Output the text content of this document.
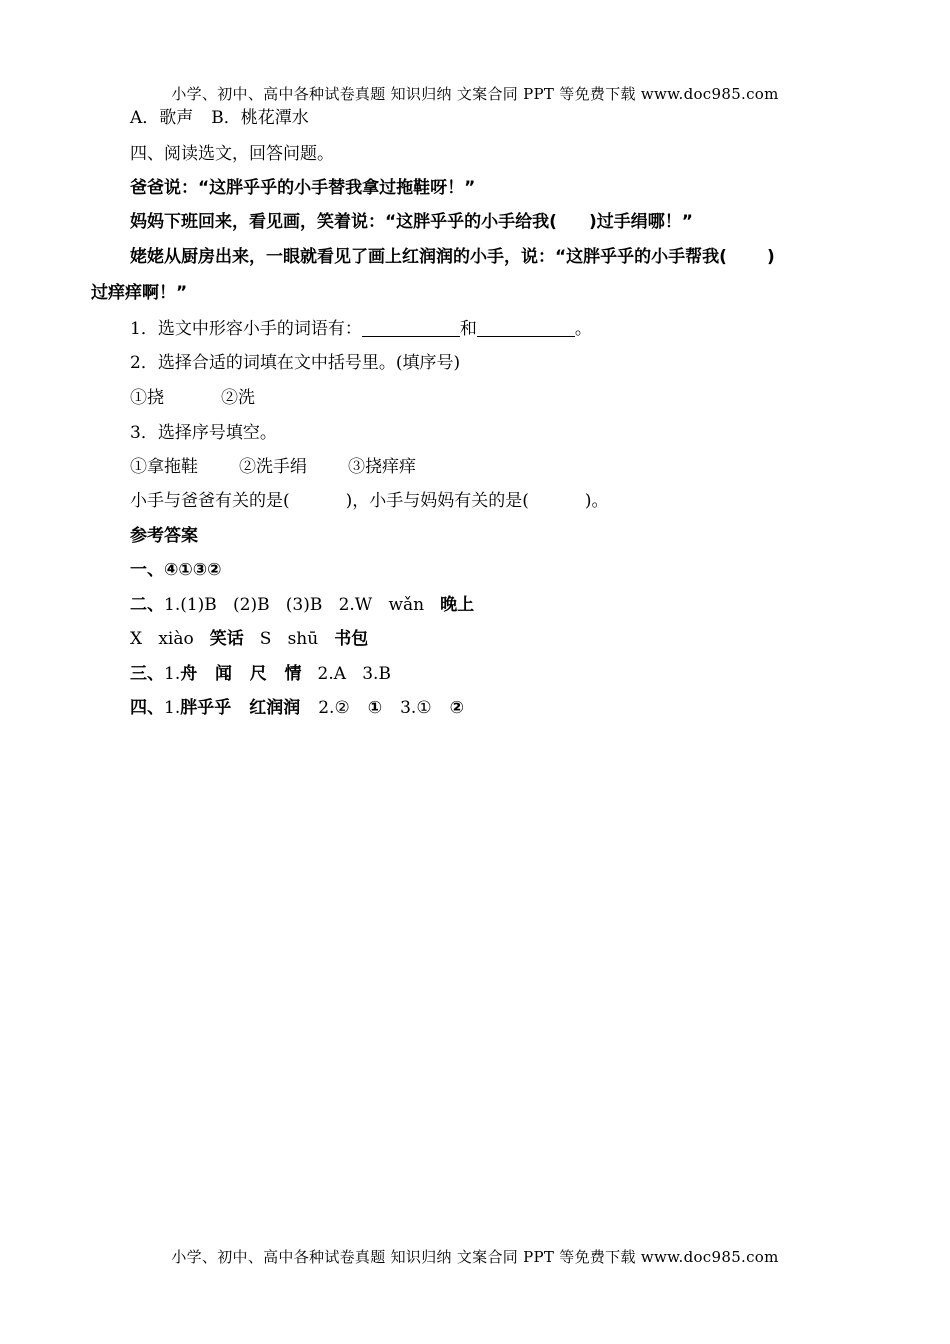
小学、初中、高中各种试卷真题 知识归纳 文案合同 PPT 等免费下载 www.doc985.com
A．歌声 B．桃花潭水
四、阅读选文，回答问题。
爸爸说：“这胖乎乎的小手替我拿过拖鞋呀！”
妈妈下班回来，看见画，笑着说：“这胖乎乎的小手给我( )过手绢哪！”
姥姥从厨房出来，一眼就看见了画上红润润的小手，说：“这胖乎乎的小手帮我( )
过痒痒啊！”
1．选文中形容小手的词语有：	和	。
2．选择合适的词填在文中括号里。(填序号)
①挠	②洗
3．选择序号填空。
①拿拖鞋 ②洗手绢 ③挠痒痒
小手与爸爸有关的是(	)，小手与妈妈有关的是(	)。
参考答案
一、④①③②
二、1.(1)B   (2)B   (3)B   2.W   wǎn 晚上
X   xiào 笑话 S   shū 书包
三、1.舟   闻   尺   情 2.A   3.B
四、1.胖乎乎 红润润 2.② ① 3.① ②
小学、初中、高中各种试卷真题 知识归纳 文案合同 PPT 等免费下载 www.doc985.com
